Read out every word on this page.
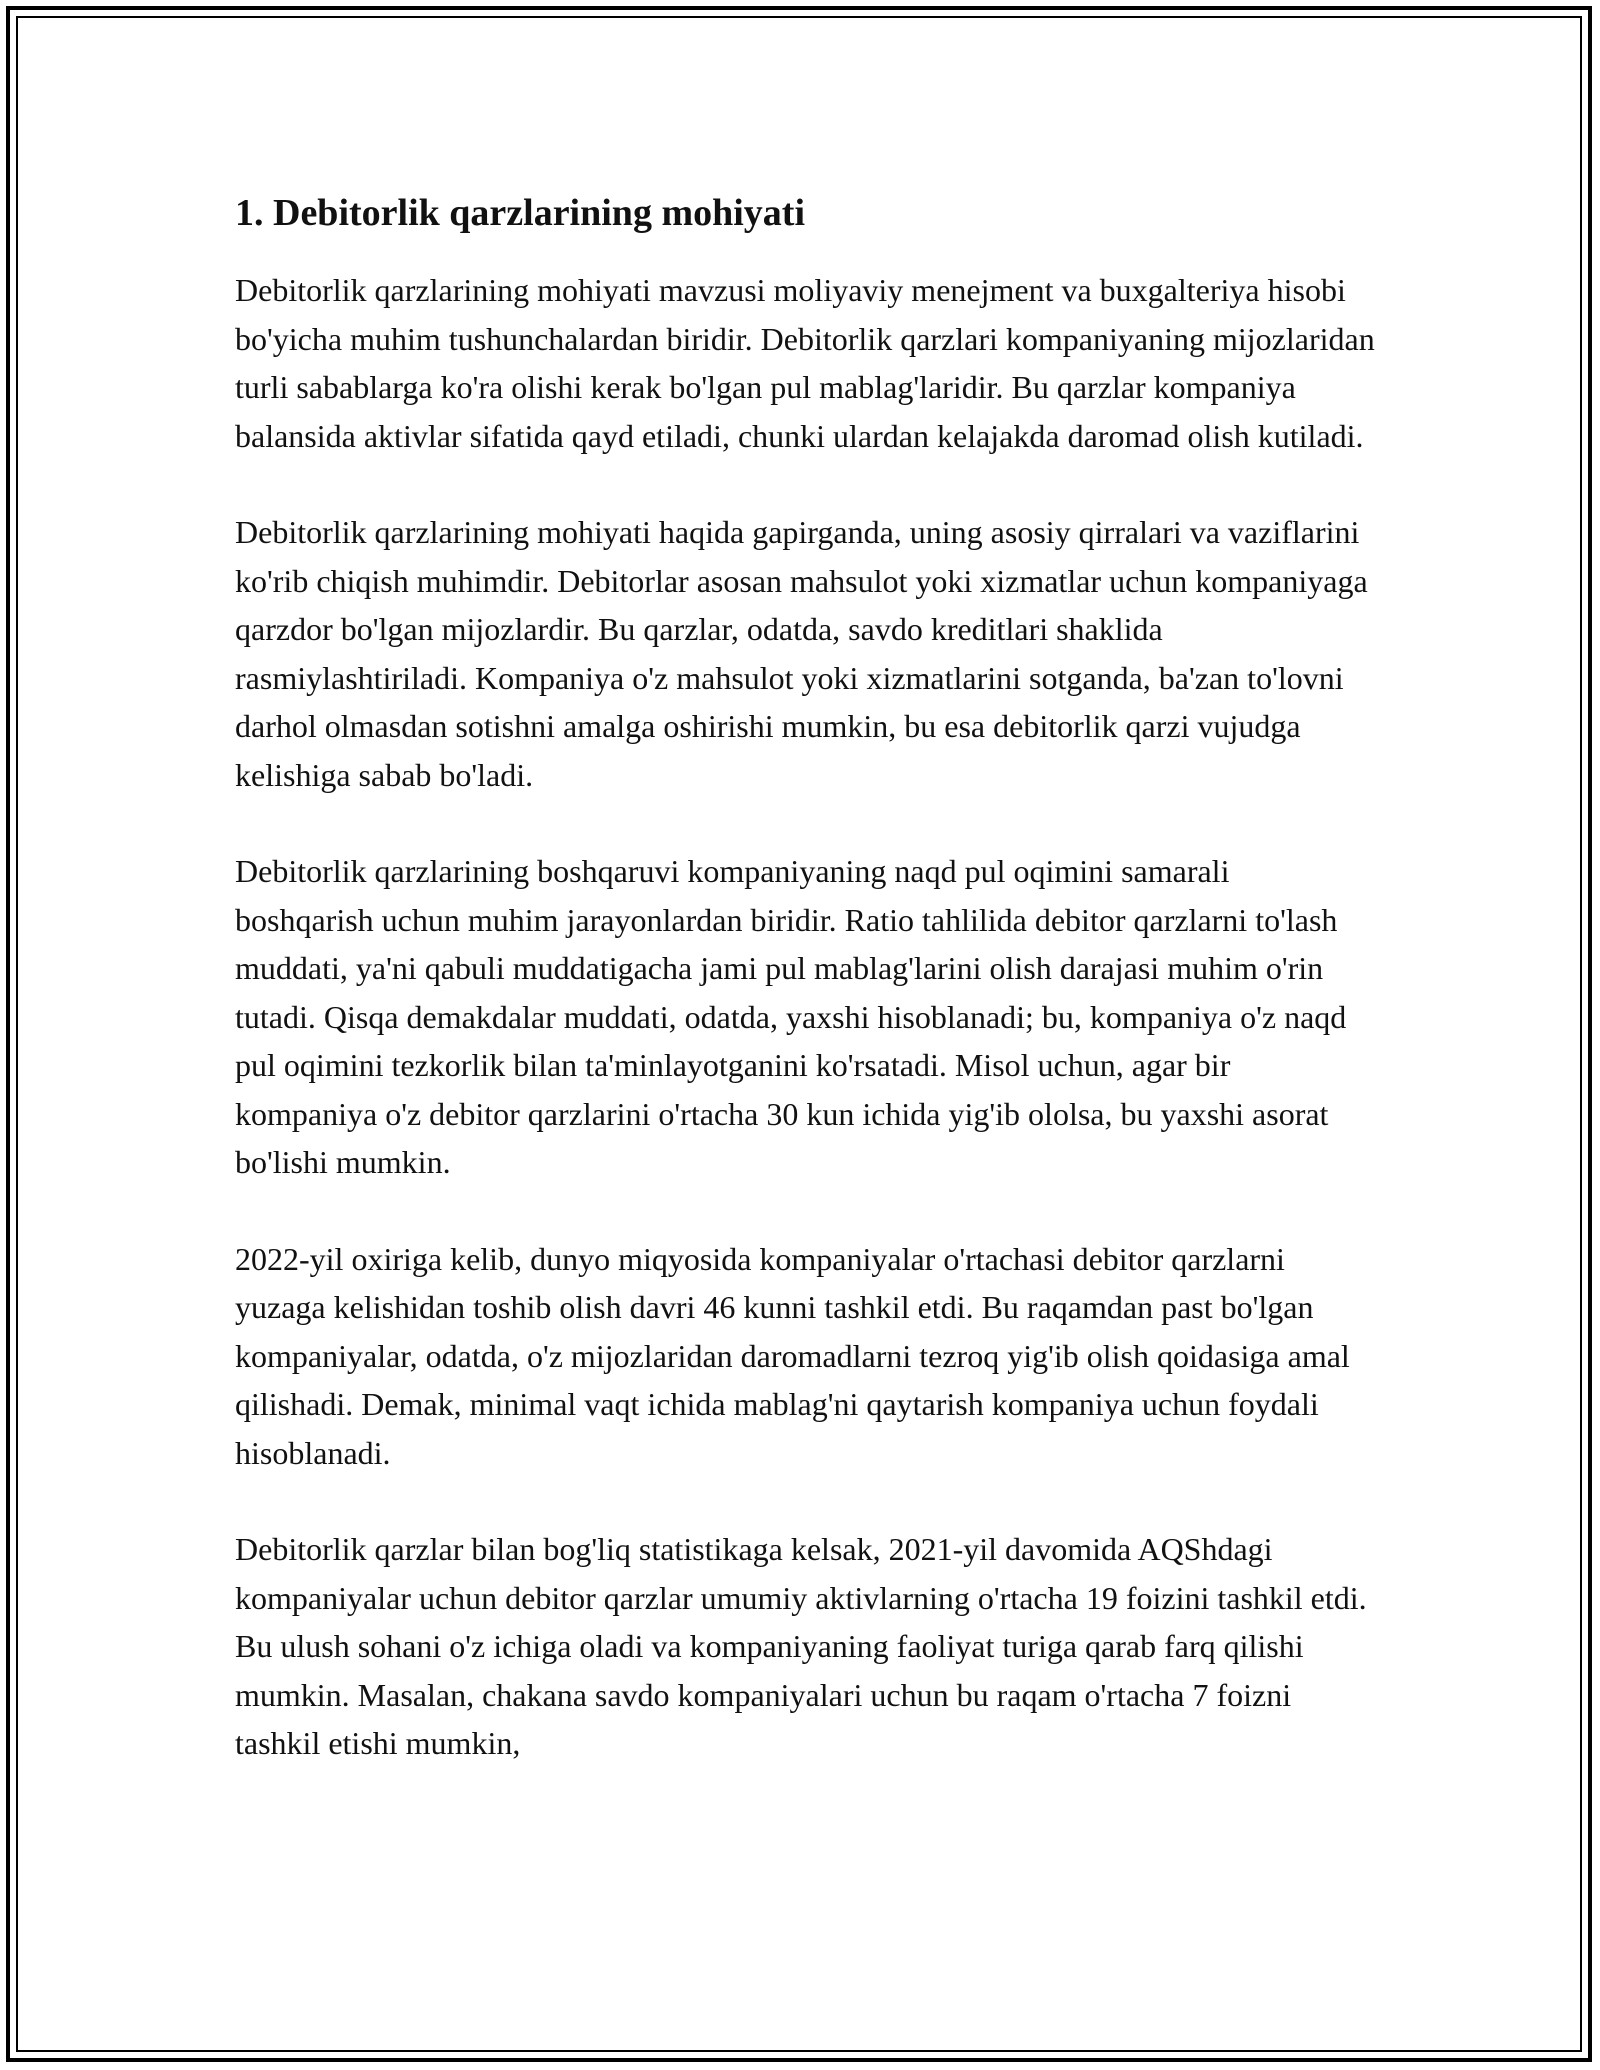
1. Debitorlik qarzlarining mohiyati

Debitorlik qarzlarining mohiyati mavzusi moliyaviy menejment va buxgalteriya hisobi bo'yicha muhim tushunchalardan biridir. Debitorlik qarzlari kompaniyaning mijozlaridan turli sabablarga ko'ra olishi kerak bo'lgan pul mablag'laridir. Bu qarzlar kompaniya balansida aktivlar sifatida qayd etiladi, chunki ulardan kelajakda daromad olish kutiladi.

Debitorlik qarzlarining mohiyati haqida gapirganda, uning asosiy qirralari va vaziflarini ko'rib chiqish muhimdir. Debitorlar asosan mahsulot yoki xizmatlar uchun kompaniyaga qarzdor bo'lgan mijozlardir. Bu qarzlar, odatda, savdo kreditlari shaklida rasmiylashtiriladi. Kompaniya o'z mahsulot yoki xizmatlarini sotganda, ba'zan to'lovni darhol olmasdan sotishni amalga oshirishi mumkin, bu esa debitorlik qarzi vujudga kelishiga sabab bo'ladi.

Debitorlik qarzlarining boshqaruvi kompaniyaning naqd pul oqimini samarali boshqarish uchun muhim jarayonlardan biridir. Ratio tahlilida debitor qarzlarni to'lash muddati, ya'ni qabuli muddatigacha jami pul mablag'larini olish darajasi muhim o'rin tutadi. Qisqa demakdalar muddati, odatda, yaxshi hisoblanadi; bu, kompaniya o'z naqd pul oqimini tezkorlik bilan ta'minlayotganini ko'rsatadi. Misol uchun, agar bir kompaniya o'z debitor qarzlarini o'rtacha 30 kun ichida yig'ib ololsa, bu yaxshi asorat bo'lishi mumkin.

2022-yil oxiriga kelib, dunyo miqyosida kompaniyalar o'rtachasi debitor qarzlarni yuzaga kelishidan toshib olish davri 46 kunni tashkil etdi. Bu raqamdan past bo'lgan kompaniyalar, odatda, o'z mijozlaridan daromadlarni tezroq yig'ib olish qoidasiga amal qilishadi. Demak, minimal vaqt ichida mablag'ni qaytarish kompaniya uchun foydali hisoblanadi.

Debitorlik qarzlar bilan bog'liq statistikaga kelsak, 2021-yil davomida AQShdagi kompaniyalar uchun debitor qarzlar umumiy aktivlarning o'rtacha 19 foizini tashkil etdi. Bu ulush sohani o'z ichiga oladi va kompaniyaning faoliyat turiga qarab farq qilishi mumkin. Masalan, chakana savdo kompaniyalari uchun bu raqam o'rtacha 7 foizni tashkil etishi mumkin,
